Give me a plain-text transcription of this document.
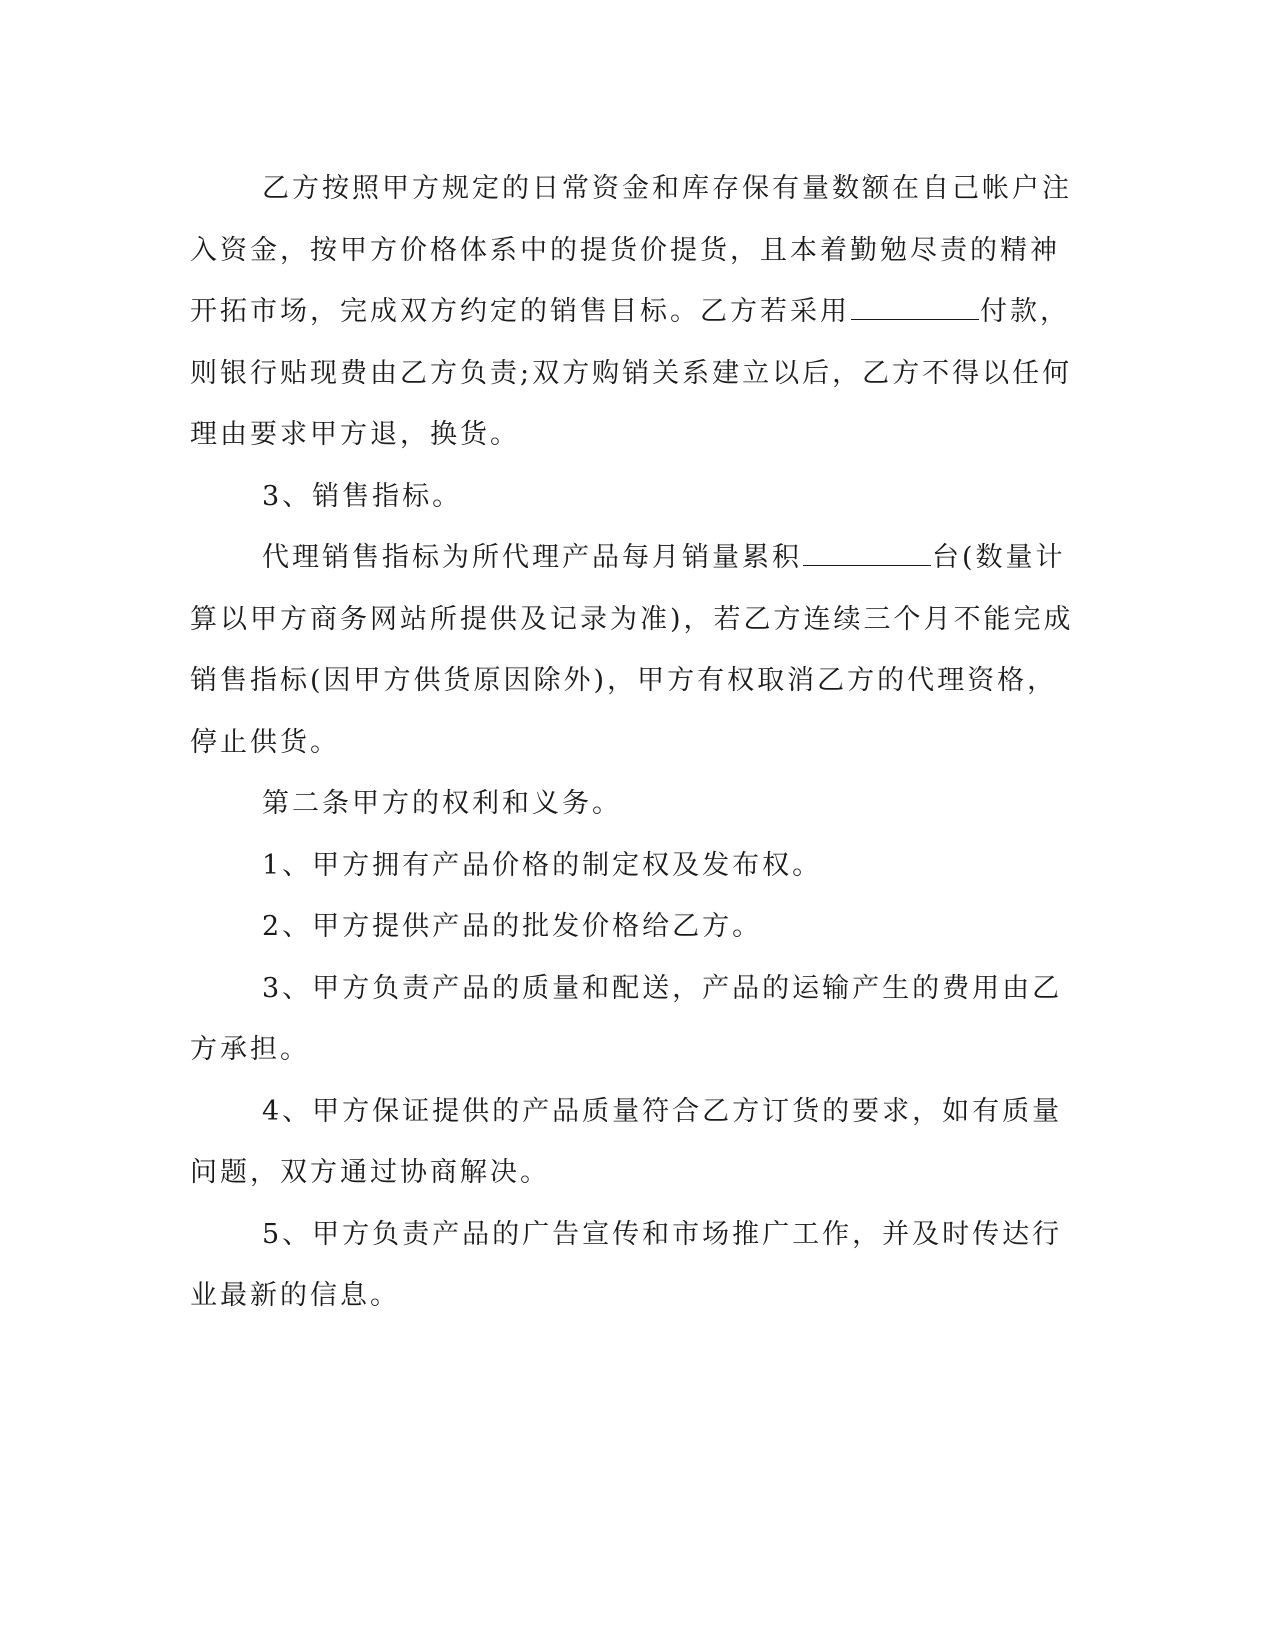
乙方按照甲方规定的日常资金和库存保有量数额在自己帐户注入资金，按甲方价格体系中的提货价提货，且本着勤勉尽责的精神开拓市场，完成双方约定的销售目标。乙方若采用	付款，则银行贴现费由乙方负责;双方购销关系建立以后，乙方不得以任何理由要求甲方退，换货。

3、销售指标。

代理销售指标为所代理产品每月销量累积	台(数量计算以甲方商务网站所提供及记录为准)，若乙方连续三个月不能完成销售指标(因甲方供货原因除外)，甲方有权取消乙方的代理资格，停止供货。

第二条甲方的权利和义务。

1、甲方拥有产品价格的制定权及发布权。

2、甲方提供产品的批发价格给乙方。

3、甲方负责产品的质量和配送，产品的运输产生的费用由乙方承担。

4、甲方保证提供的产品质量符合乙方订货的要求，如有质量问题，双方通过协商解决。

5、甲方负责产品的广告宣传和市场推广工作，并及时传达行业最新的信息。
